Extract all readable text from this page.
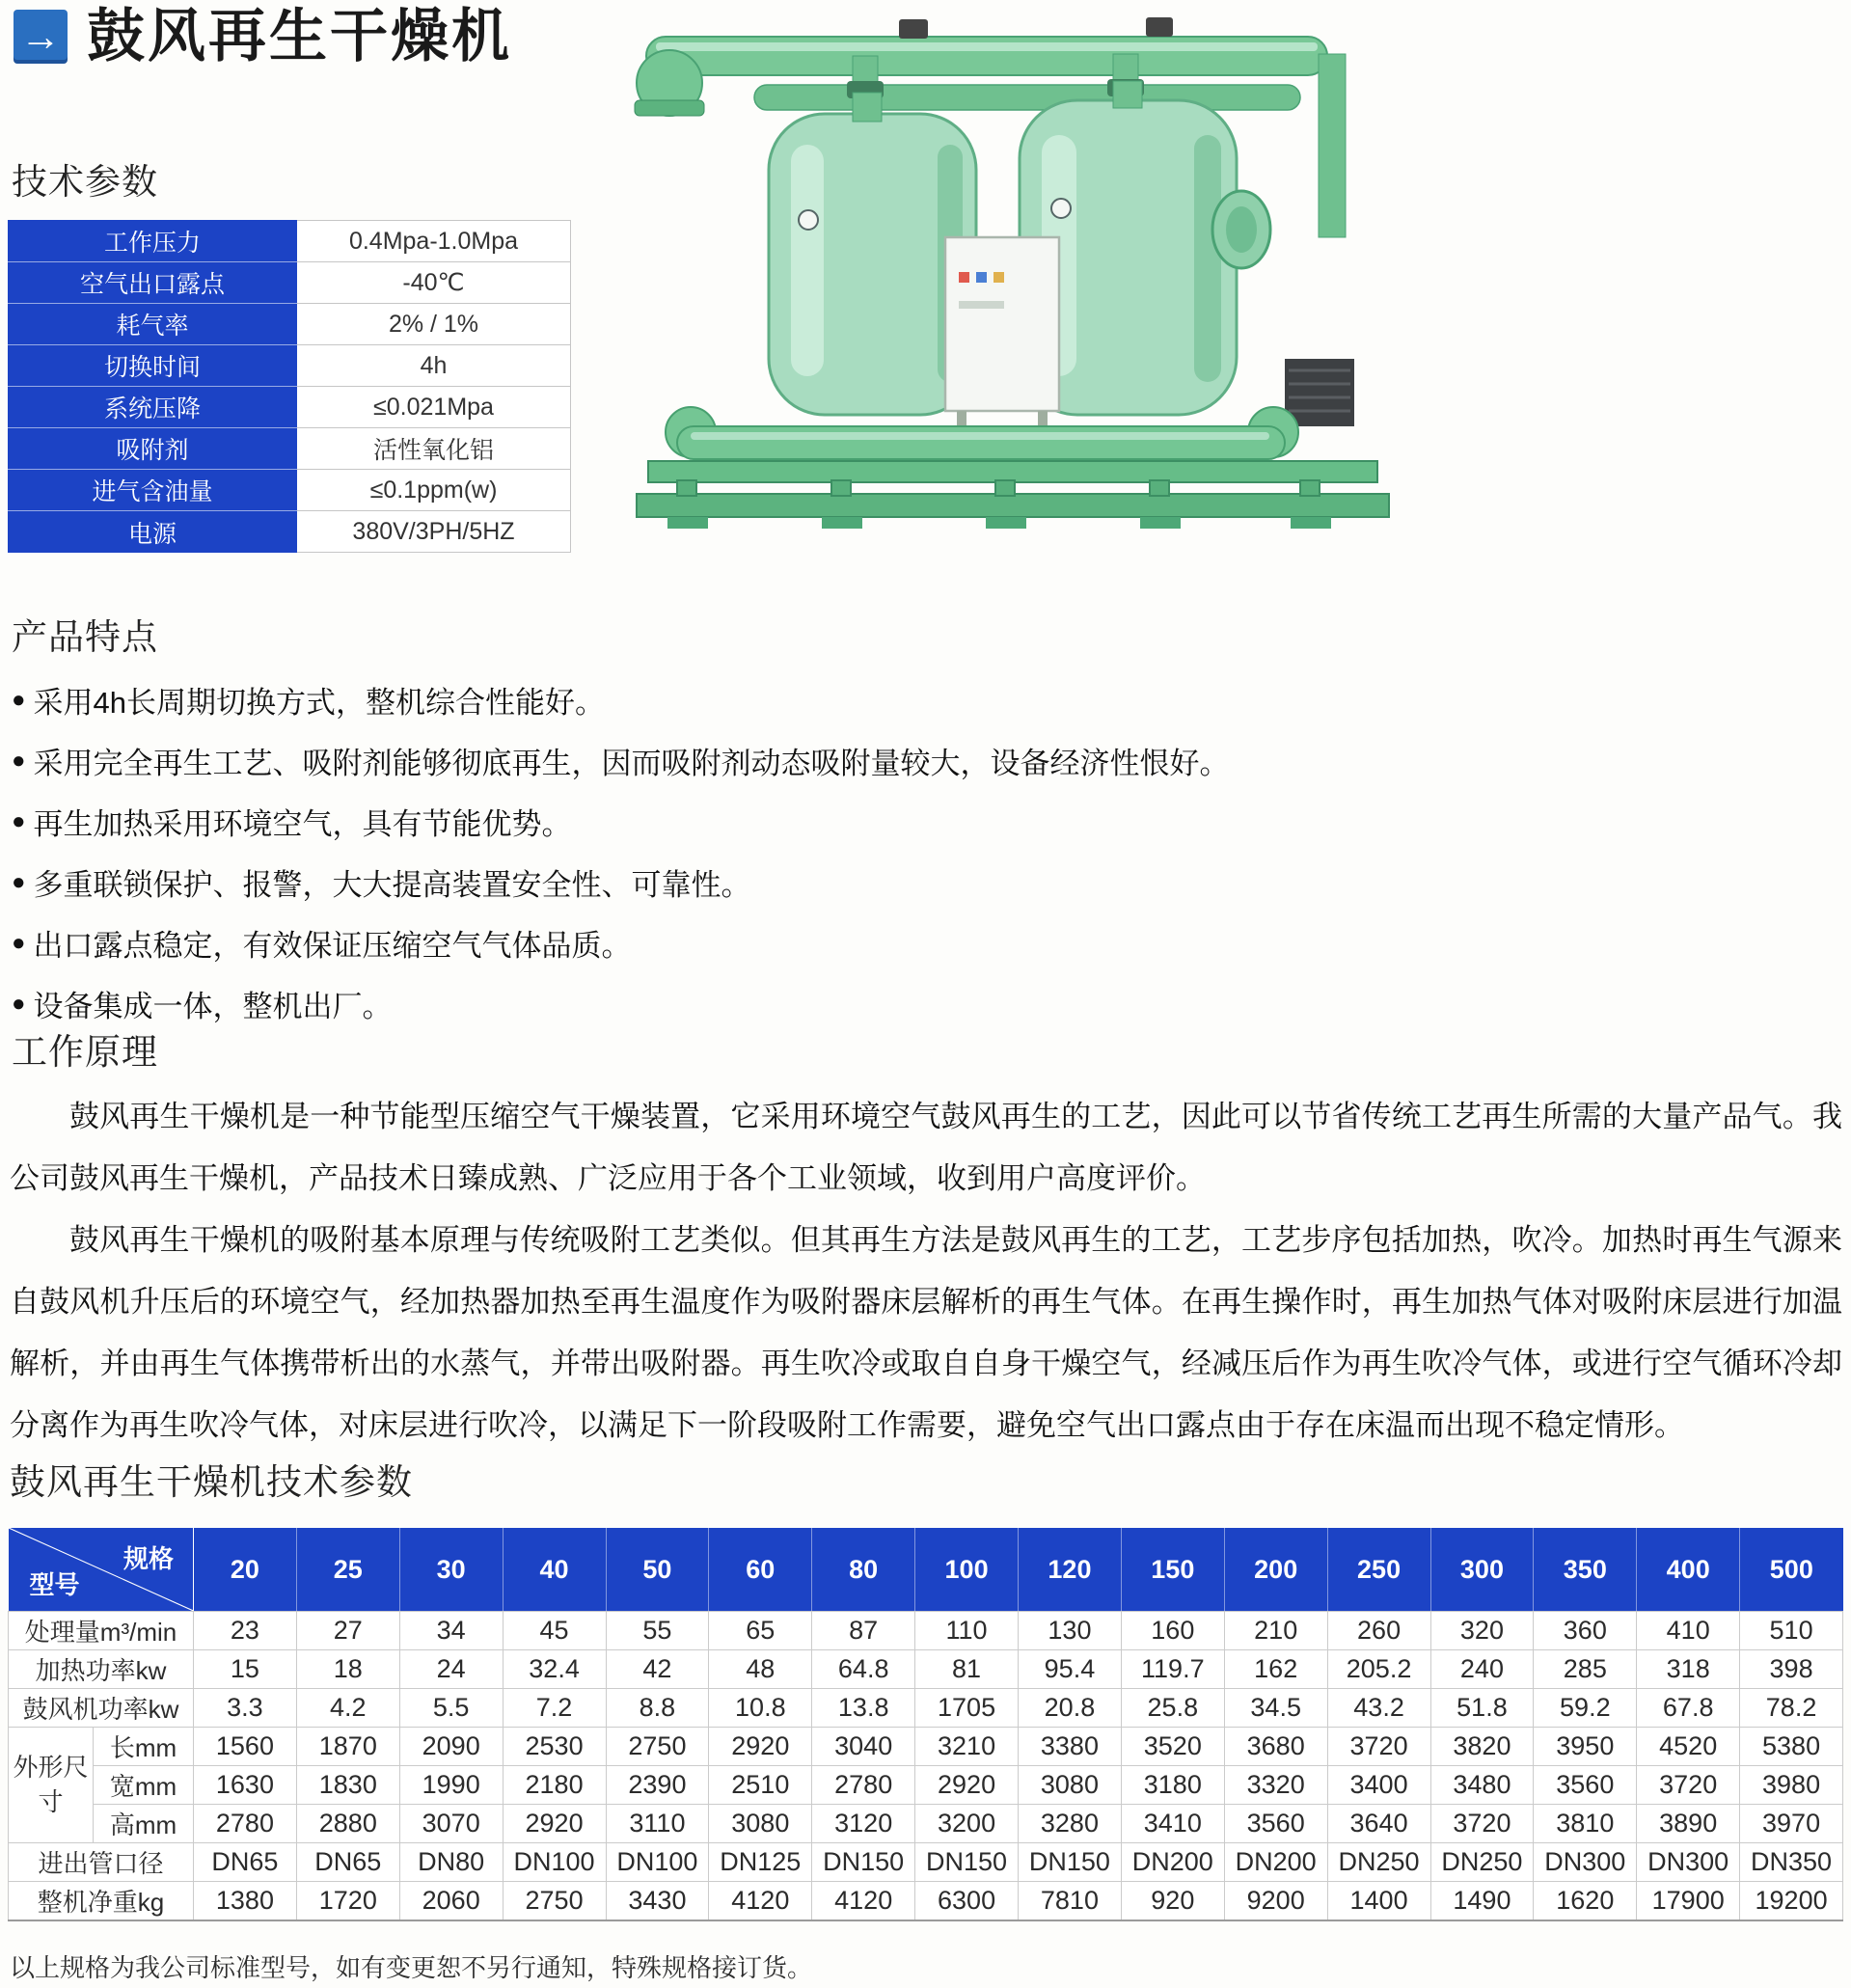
→ 鼓风再生干燥机
技术参数
产品特点
工作原理
鼓风再生干燥机技术参数
工作压力	0.4Mpa-1.0Mpa
空气出口露点	-40℃
耗气率	2% / 1%
切换时间	4h
系统压降	≤0.021Mpa
吸附剂	活性氧化铝
进气含油量	≤0.1ppm(w)
电源	380V/3PH/5HZ
● 采用4h长周期切换方式，整机综合性能好。
● 采用完全再生工艺、吸附剂能够彻底再生，因而吸附剂动态吸附量较大，设备经济性恨好。
● 再生加热采用环境空气，具有节能优势。
● 多重联锁保护、报警，大大提高装置安全性、可靠性。
● 出口露点稳定，有效保证压缩空气气体品质。
● 设备集成一体，整机出厂。

鼓风再生干燥机是一种节能型压缩空气干燥装置，它采用环境空气鼓风再生的工艺，因此可以节省传统工艺再生所需的大量产品气。我公司鼓风再生干燥机，产品技术日臻成熟、广泛应用于各个工业领域，收到用户高度评价。

鼓风再生干燥机的吸附基本原理与传统吸附工艺类似。但其再生方法是鼓风再生的工艺，工艺步序包括加热，吹冷。加热时再生气源来自鼓风机升压后的环境空气，经加热器加热至再生温度作为吸附器床层解析的再生气体。在再生操作时，再生加热气体对吸附床层进行加温解析，并由再生气体携带析出的水蒸气，并带出吸附器。再生吹冷或取自自身干燥空气，经减压后作为再生吹冷气体，或进行空气循环冷却分离作为再生吹冷气体，对床层进行吹冷，以满足下一阶段吸附工作需要，避免空气出口露点由于存在床温而出现不稳定情形。

规格
型号		20	25	30	40	50	60	80	100	120	150	200	250	300	350	400	500
处理量m³/min		23	27	34	45	55	65	87	110	130	160	210	260	320	360	410	510
加热功率kw		15	18	24	32.4	42	48	64.8	81	95.4	119.7	162	205.2	240	285	318	398
鼓风机功率kw		3.3	4.2	5.5	7.2	8.8	10.8	13.8	1705	20.8	25.8	34.5	43.2	51.8	59.2	67.8	78.2
外形尺寸	长mm	1560	1870	2090	2530	2750	2920	3040	3210	3380	3520	3680	3720	3820	3950	4520	5380
	宽mm	1630	1830	1990	2180	2390	2510	2780	2920	3080	3180	3320	3400	3480	3560	3720	3980
	高mm	2780	2880	3070	2920	3110	3080	3120	3200	3280	3410	3560	3640	3720	3810	3890	3970
进出管口径		DN65	DN65	DN80	DN100	DN100	DN125	DN150	DN150	DN150	DN200	DN200	DN250	DN250	DN300	DN300	DN350
整机净重kg		1380	1720	2060	2750	3430	4120	4120	6300	7810	920	9200	1400	1490	1620	17900	19200
以上规格为我公司标准型号，如有变更恕不另行通知，特殊规格接订货。
